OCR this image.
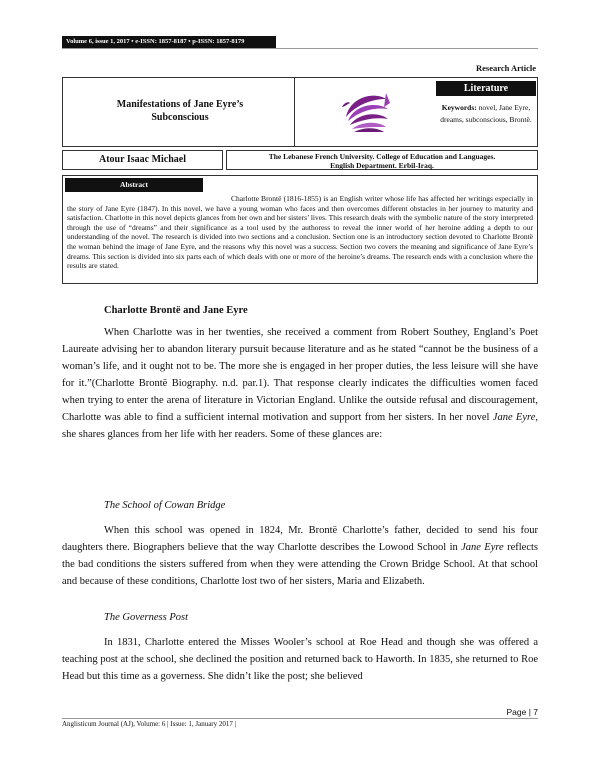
Volume 6, issue 1, 2017 • e-ISSN: 1857-8187 • p-ISSN: 1857-8179
Research Article
Manifestations of Jane Eyre’s
Subconscious
Literature
Keywords: novel, Jane Eyre, dreams, subconscious, Brontë.
Atour Isaac Michael	The Lebanese French University. College of Education and Languages.
English Department. Erbil-Iraq.
Abstract
Charlotte Brontë (1816-1855) is an English writer whose life has affected her writings especially in the story of Jane Eyre (1847). In this novel, we have a young woman who faces and then overcomes different obstacles in her journey to maturity and satisfaction. Charlotte in this novel depicts glances from her own and her sisters’ lives. This research deals with the symbolic nature of the story interpreted through the use of “dreams” and their significance as a tool used by the authoress to reveal the inner world of her heroine adding a depth to our understanding of the novel. The research is divided into two sections and a conclusion. Section one is an introductory section devoted to Charlotte Brontë the woman behind the image of Jane Eyre, and the reasons why this novel was a success. Section two covers the meaning and significance of Jane Eyre’s dreams. This section is divided into six parts each of which deals with one or more of the heroine’s dreams. The research ends with a conclusion where the results are stated.
Charlotte Brontë and Jane Eyre
When Charlotte was in her twenties, she received a comment from Robert Southey, England’s Poet Laureate advising her to abandon literary pursuit because literature and as he stated “cannot be the business of a woman’s life, and it ought not to be. The more she is engaged in her proper duties, the less leisure will she have for it.”(Charlotte Brontë Biography. n.d. par.1). That response clearly indicates the difficulties women faced when trying to enter the arena of literature in Victorian England. Unlike the outside refusal and discouragement, Charlotte was able to find a sufficient internal motivation and support from her sisters. In her novel Jane Eyre, she shares glances from her life with her readers. Some of these glances are:
The School of Cowan Bridge
When this school was opened in 1824, Mr. Brontë Charlotte’s father, decided to send his four daughters there. Biographers believe that the way Charlotte describes the Lowood School in Jane Eyre reflects the bad conditions the sisters suffered from when they were attending the Crown Bridge School. At that school and because of these conditions, Charlotte lost two of her sisters, Maria and Elizabeth.
The Governess Post
In 1831, Charlotte entered the Misses Wooler’s school at Roe Head and though she was offered a teaching post at the school, she declined the position and returned back to Haworth. In 1835, she returned to Roe Head but this time as a governess. She didn’t like the post; she believed
Page | 7
Anglisticum Journal (AJ), Volume: 6 | Issue: 1, January 2017 |
